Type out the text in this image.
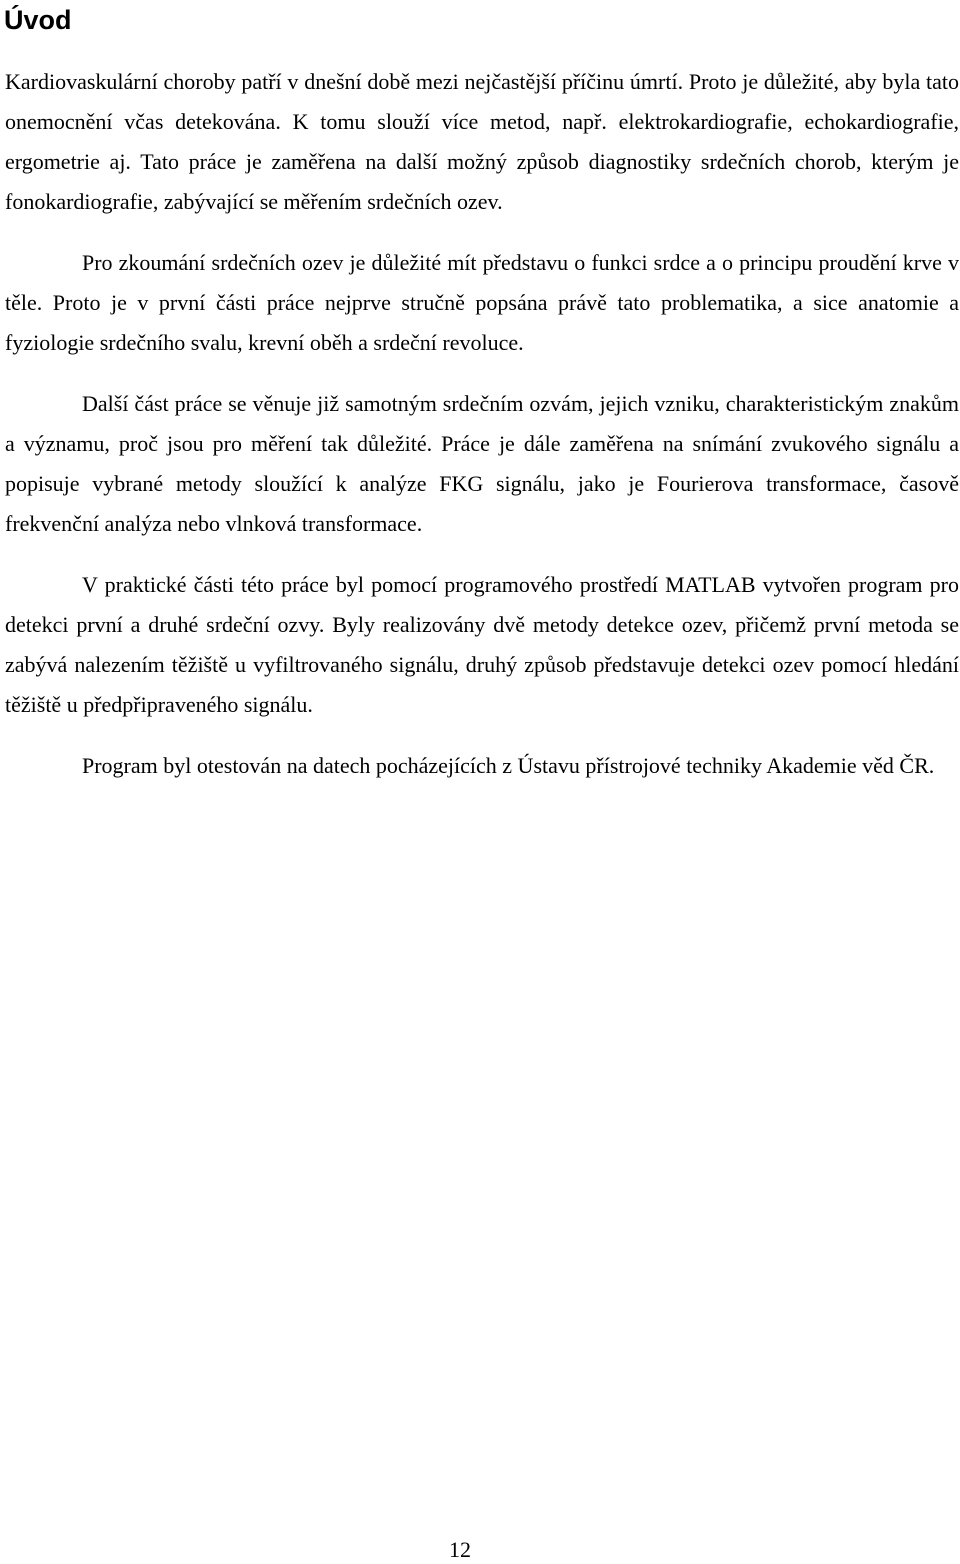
Úvod

Kardiovaskulární choroby patří v dnešní době mezi nejčastější příčinu úmrtí. Proto je důležité, aby byla tato onemocnění včas detekována. K tomu slouží více metod, např. elektrokardiografie, echokardiografie, ergometrie aj. Tato práce je zaměřena na další možný způsob diagnostiky srdečních chorob, kterým je fonokardiografie, zabývající se měřením srdečních ozev.

Pro zkoumání srdečních ozev je důležité mít představu o funkci srdce a o principu proudění krve v těle. Proto je v první části práce nejprve stručně popsána právě tato problematika, a sice anatomie a fyziologie srdečního svalu, krevní oběh a srdeční revoluce.

Další část práce se věnuje již samotným srdečním ozvám, jejich vzniku, charakteristickým znakům a významu, proč jsou pro měření tak důležité. Práce je dále zaměřena na snímání zvukového signálu a popisuje vybrané metody sloužící k analýze FKG signálu, jako je Fourierova transformace, časově frekvenční analýza nebo vlnková transformace.

V praktické části této práce byl pomocí programového prostředí MATLAB vytvořen program pro detekci první a druhé srdeční ozvy. Byly realizovány dvě metody detekce ozev, přičemž první metoda se zabývá nalezením těžiště u vyfiltrovaného signálu, druhý způsob představuje detekci ozev pomocí hledání těžiště u předpřipraveného signálu.

Program byl otestován na datech pocházejících z Ústavu přístrojové techniky Akademie věd ČR.

12
